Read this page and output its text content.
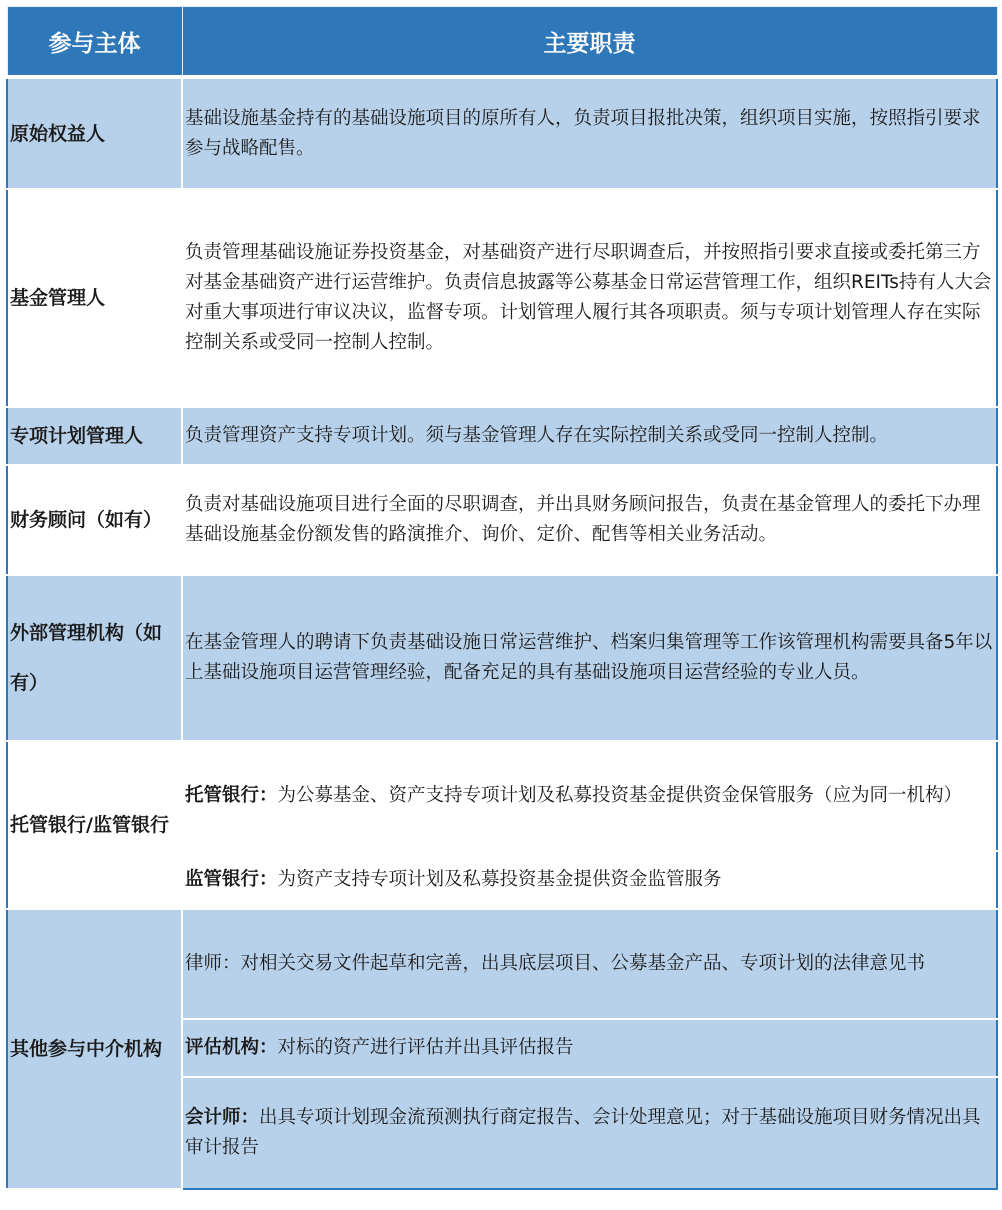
参与主体	主要职责
原始权益人	基础设施基金持有的基础设施项目的原所有人，负责项目报批决策，组织项目实施，按照指引要求参与战略配售。
基金管理人	负责管理基础设施证券投资基金，对基础资产进行尽职调查后，并按照指引要求直接或委托第三方对基金基础资产进行运营维护。负责信息披露等公募基金日常运营管理工作，组织REITs持有人大会对重大事项进行审议决议，监督专项。计划管理人履行其各项职责。须与专项计划管理人存在实际控制关系或受同一控制人控制。
专项计划管理人	负责管理资产支持专项计划。须与基金管理人存在实际控制关系或受同一控制人控制。
财务顾问（如有）	负责对基础设施项目进行全面的尽职调查，并出具财务顾问报告，负责在基金管理人的委托下办理基础设施基金份额发售的路演推介、询价、定价、配售等相关业务活动。
外部管理机构（如有）	在基金管理人的聘请下负责基础设施日常运营维护、档案归集管理等工作该管理机构需要具备5年以上基础设施项目运营管理经验，配备充足的具有基础设施项目运营经验的专业人员。
托管银行/监管银行	托管银行：为公募基金、资产支持专项计划及私募投资基金提供资金保管服务（应为同一机构）
	监管银行：为资产支持专项计划及私募投资基金提供资金监管服务
其他参与中介机构	律师：对相关交易文件起草和完善，出具底层项目、公募基金产品、专项计划的法律意见书
	评估机构：对标的资产进行评估并出具评估报告
	会计师：出具专项计划现金流预测执行商定报告、会计处理意见；对于基础设施项目财务情况出具审计报告
